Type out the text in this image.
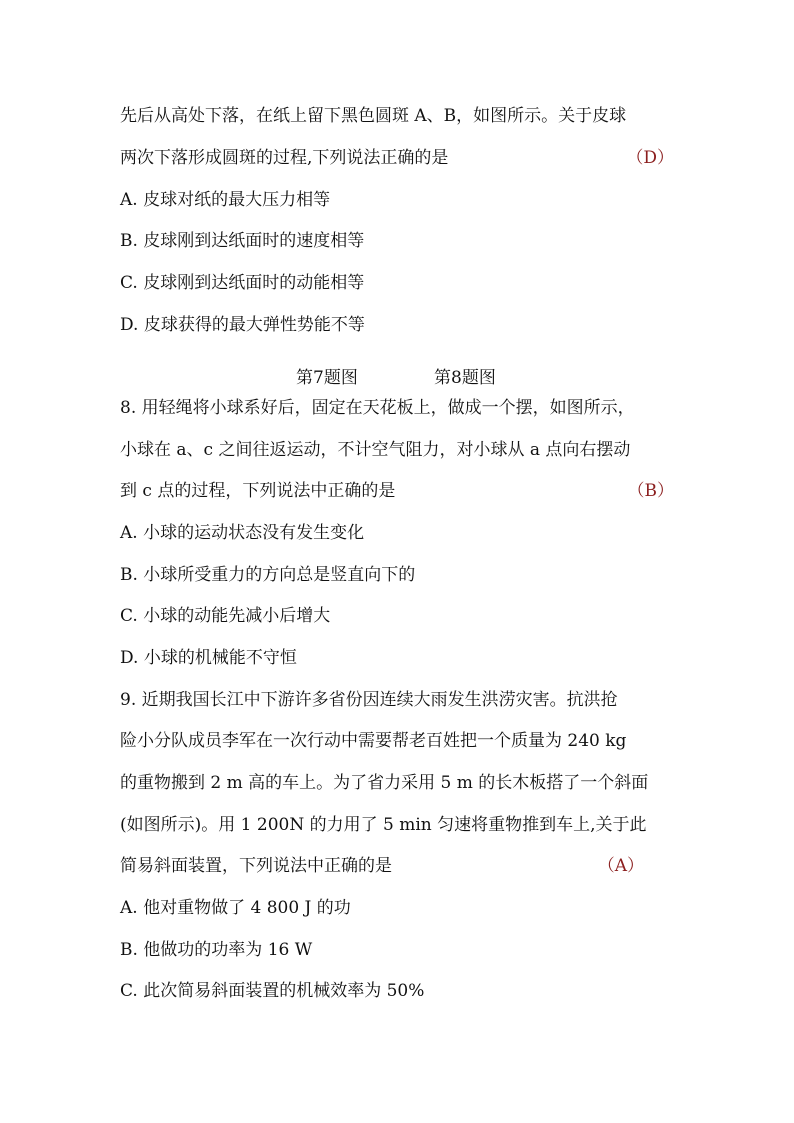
先后从高处下落，在纸上留下黑色圆斑 A、B，如图所示。关于皮球
两次下落形成圆斑的过程,下列说法正确的是	（D）
A. 皮球对纸的最大压力相等
B. 皮球刚到达纸面时的速度相等
C. 皮球刚到达纸面时的动能相等
D. 皮球获得的最大弹性势能不等
第7题图	第8题图
8. 用轻绳将小球系好后，固定在天花板上，做成一个摆，如图所示，
小球在 a、c 之间往返运动，不计空气阻力，对小球从 a 点向右摆动
到 c 点的过程，下列说法中正确的是	（B）
A. 小球的运动状态没有发生变化
B. 小球所受重力的方向总是竖直向下的
C. 小球的动能先减小后增大
D. 小球的机械能不守恒
9. 近期我国长江中下游许多省份因连续大雨发生洪涝灾害。抗洪抢
险小分队成员李军在一次行动中需要帮老百姓把一个质量为 240 kg
的重物搬到 2 m 高的车上。为了省力采用 5 m 的长木板搭了一个斜面
(如图所示)。用 1 200N 的力用了 5 min 匀速将重物推到车上,关于此
简易斜面装置，下列说法中正确的是	（A）
A. 他对重物做了 4 800 J 的功
B. 他做功的功率为 16 W
C. 此次简易斜面装置的机械效率为 50%
